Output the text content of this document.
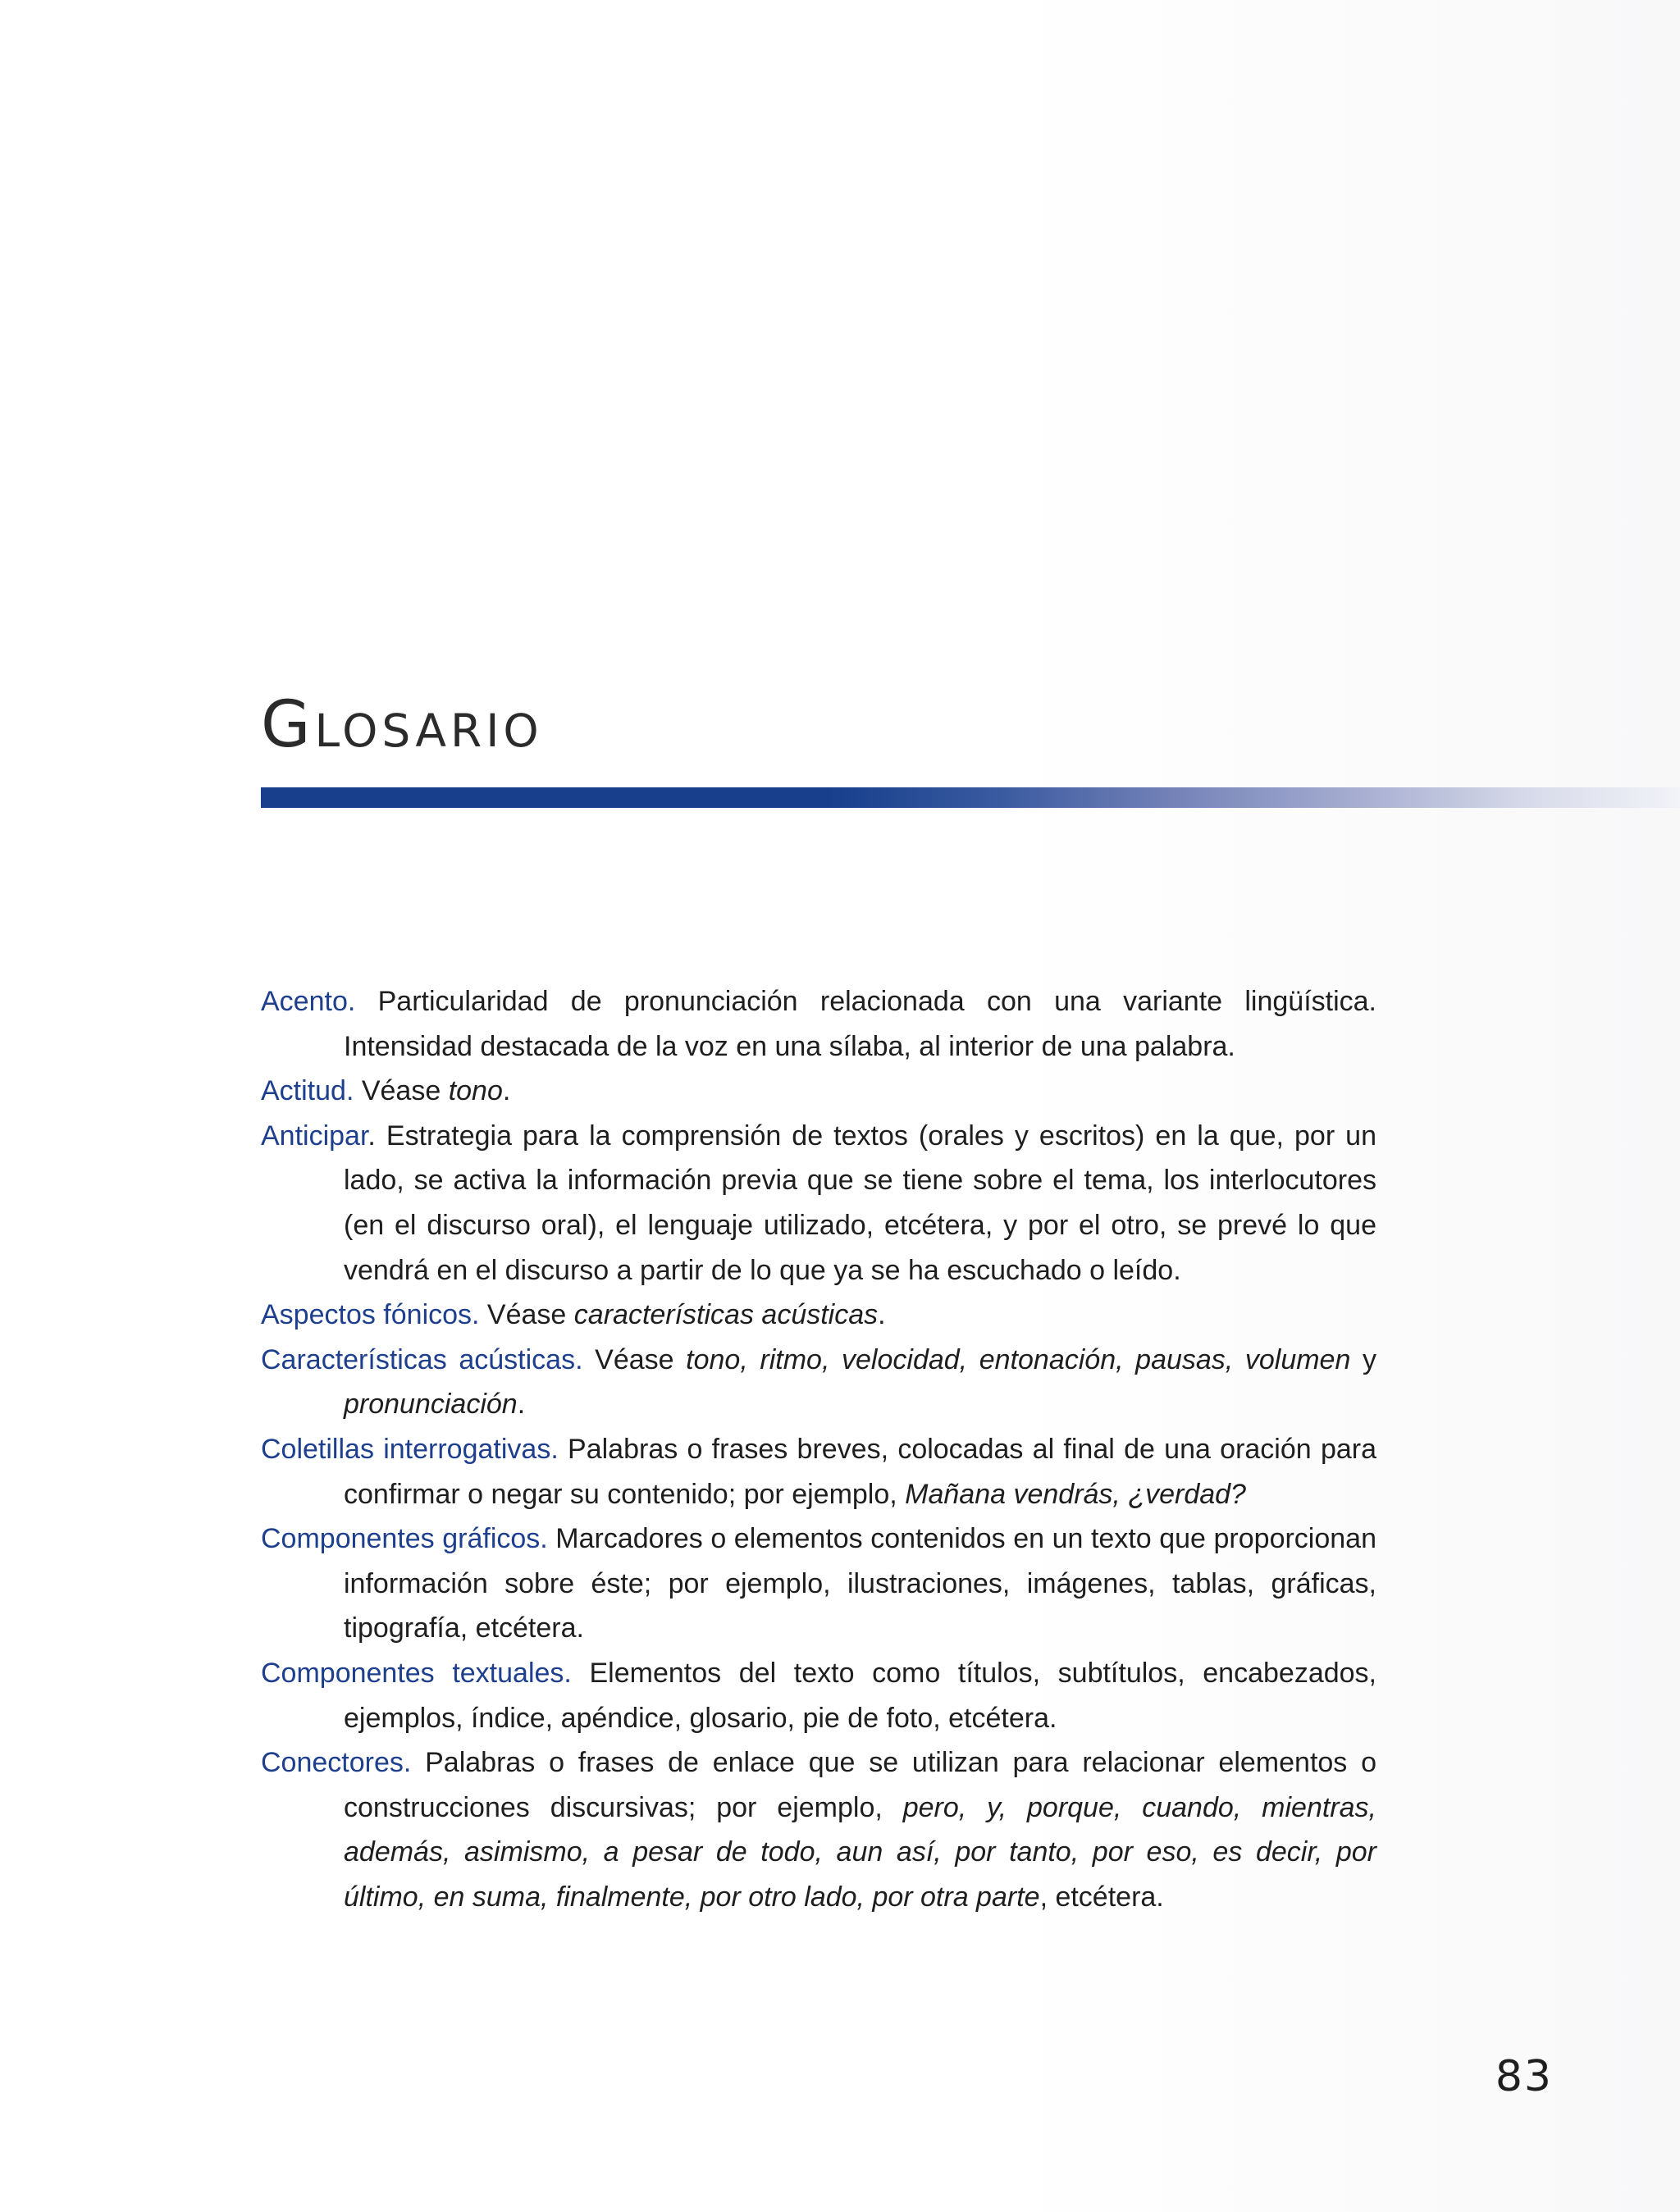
Glosario

Acento. Particularidad de pronunciación relacionada con una variante lingüística. Intensidad destacada de la voz en una sílaba, al interior de una palabra.

Actitud. Véase tono.

Anticipar. Estrategia para la comprensión de textos (orales y escritos) en la que, por un lado, se activa la información previa que se tiene sobre el tema, los interlocutores (en el discurso oral), el lenguaje utilizado, etcétera, y por el otro, se prevé lo que vendrá en el discurso a partir de lo que ya se ha escuchado o leído.

Aspectos fónicos. Véase características acústicas.

Características acústicas. Véase tono, ritmo, velocidad, entonación, pausas, volumen y pronunciación.

Coletillas interrogativas. Palabras o frases breves, colocadas al final de una oración para confirmar o negar su contenido; por ejemplo, Mañana vendrás, ¿verdad?

Componentes gráficos. Marcadores o elementos contenidos en un texto que proporcionan información sobre éste; por ejemplo, ilustraciones, imágenes, tablas, gráficas, tipografía, etcétera.

Componentes textuales. Elementos del texto como títulos, subtítulos, encabezados, ejemplos, índice, apéndice, glosario, pie de foto, etcétera.

Conectores. Palabras o frases de enlace que se utilizan para relacionar elementos o construcciones discursivas; por ejemplo, pero, y, porque, cuando, mientras, además, asimismo, a pesar de todo, aun así, por tanto, por eso, es decir, por último, en suma, finalmente, por otro lado, por otra parte, etcétera.

83
